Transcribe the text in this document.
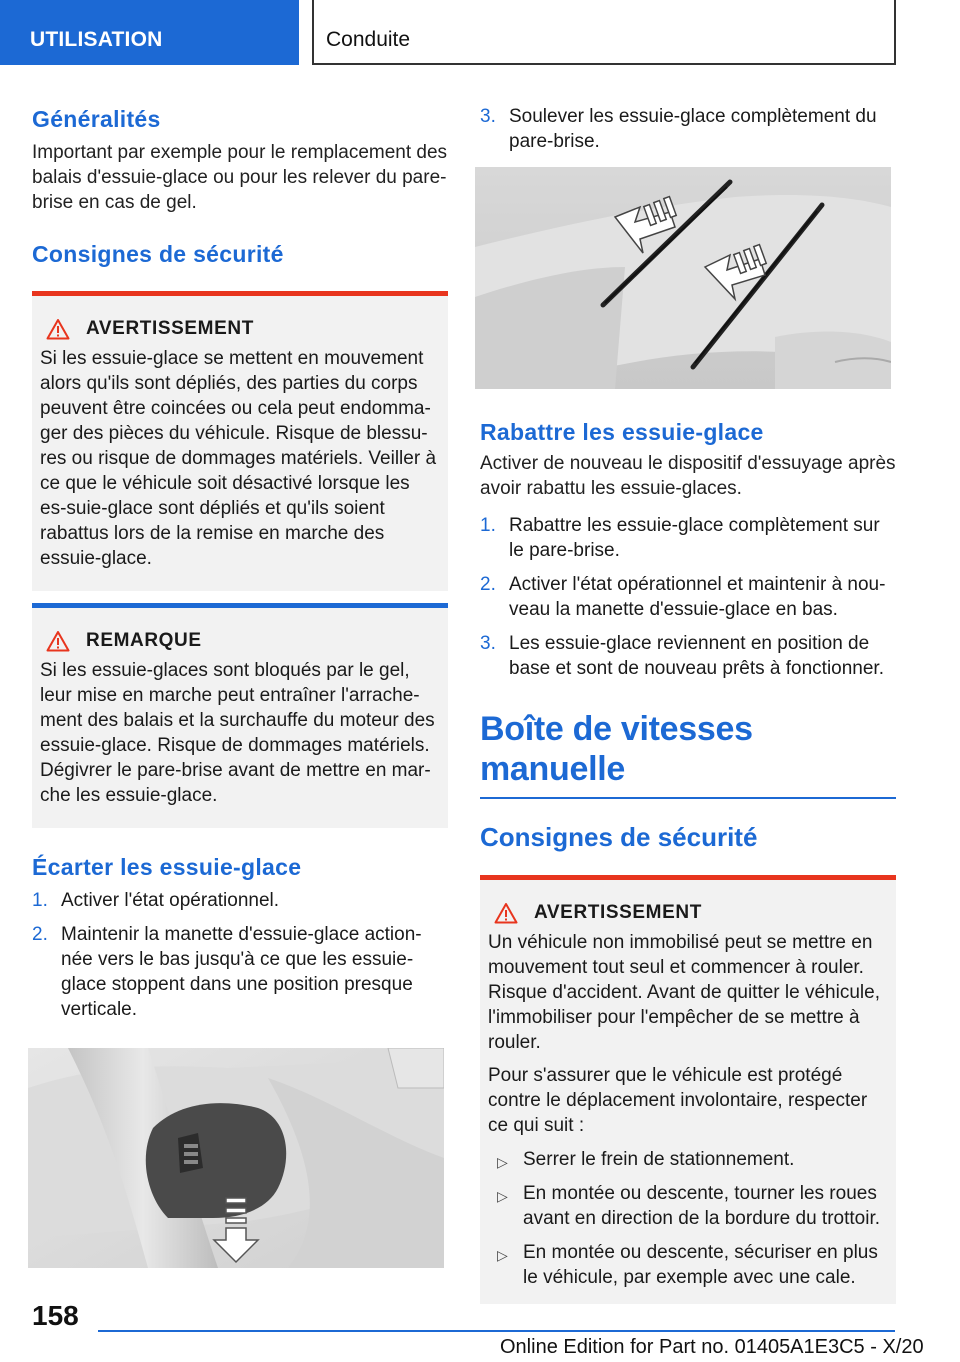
UTILISATION	Conduite
Généralités

Important par exemple pour le remplacement des balais d'essuie-glace ou pour les relever du pare-brise en cas de gel.

Consignes de sécurité
AVERTISSEMENT

Si les essuie-glace se mettent en mouvement alors qu'ils sont dépliés, des parties du corps peuvent être coincées ou cela peut endomma-ger des pièces du véhicule. Risque de blessu-res ou risque de dommages matériels. Veiller à ce que le véhicule soit désactivé lorsque les es-suie-glace sont dépliés et qu'ils soient rabattus lors de la remise en marche des essuie-glace.

REMARQUE

Si les essuie-glaces sont bloqués par le gel, leur mise en marche peut entraîner l'arrache-ment des balais et la surchauffe du moteur des essuie-glace. Risque de dommages matériels. Dégivrer le pare-brise avant de mettre en mar-che les essuie-glace.

Écarter les essuie-glace
1. Activer l'état opérationnel.
2. Maintenir la manette d'essuie-glace action-née vers le bas jusqu'à ce que les essuie-glace stoppent dans une position presque verticale.
3. Soulever les essuie-glace complètement du pare-brise.
Rabattre les essuie-glace

Activer de nouveau le dispositif d'essuyage après avoir rabattu les essuie-glaces.

1. Rabattre les essuie-glace complètement sur le pare-brise.
2. Activer l'état opérationnel et maintenir à nou-veau la manette d'essuie-glace en bas.
3. Les essuie-glace reviennent en position de base et sont de nouveau prêts à fonctionner.
Boîte de vitesses manuelle
Consignes de sécurité
AVERTISSEMENT

Un véhicule non immobilisé peut se mettre en mouvement tout seul et commencer à rouler. Risque d'accident. Avant de quitter le véhicule, l'immobiliser pour l'empêcher de se mettre à rouler.

Pour s'assurer que le véhicule est protégé contre le déplacement involontaire, respecter ce qui suit :

▷ Serrer le frein de stationnement.
▷ En montée ou descente, tourner les roues avant en direction de la bordure du trottoir.
▷ En montée ou descente, sécuriser en plus le véhicule, par exemple avec une cale.
158
Online Edition for Part no. 01405A1E3C5 - X/20
